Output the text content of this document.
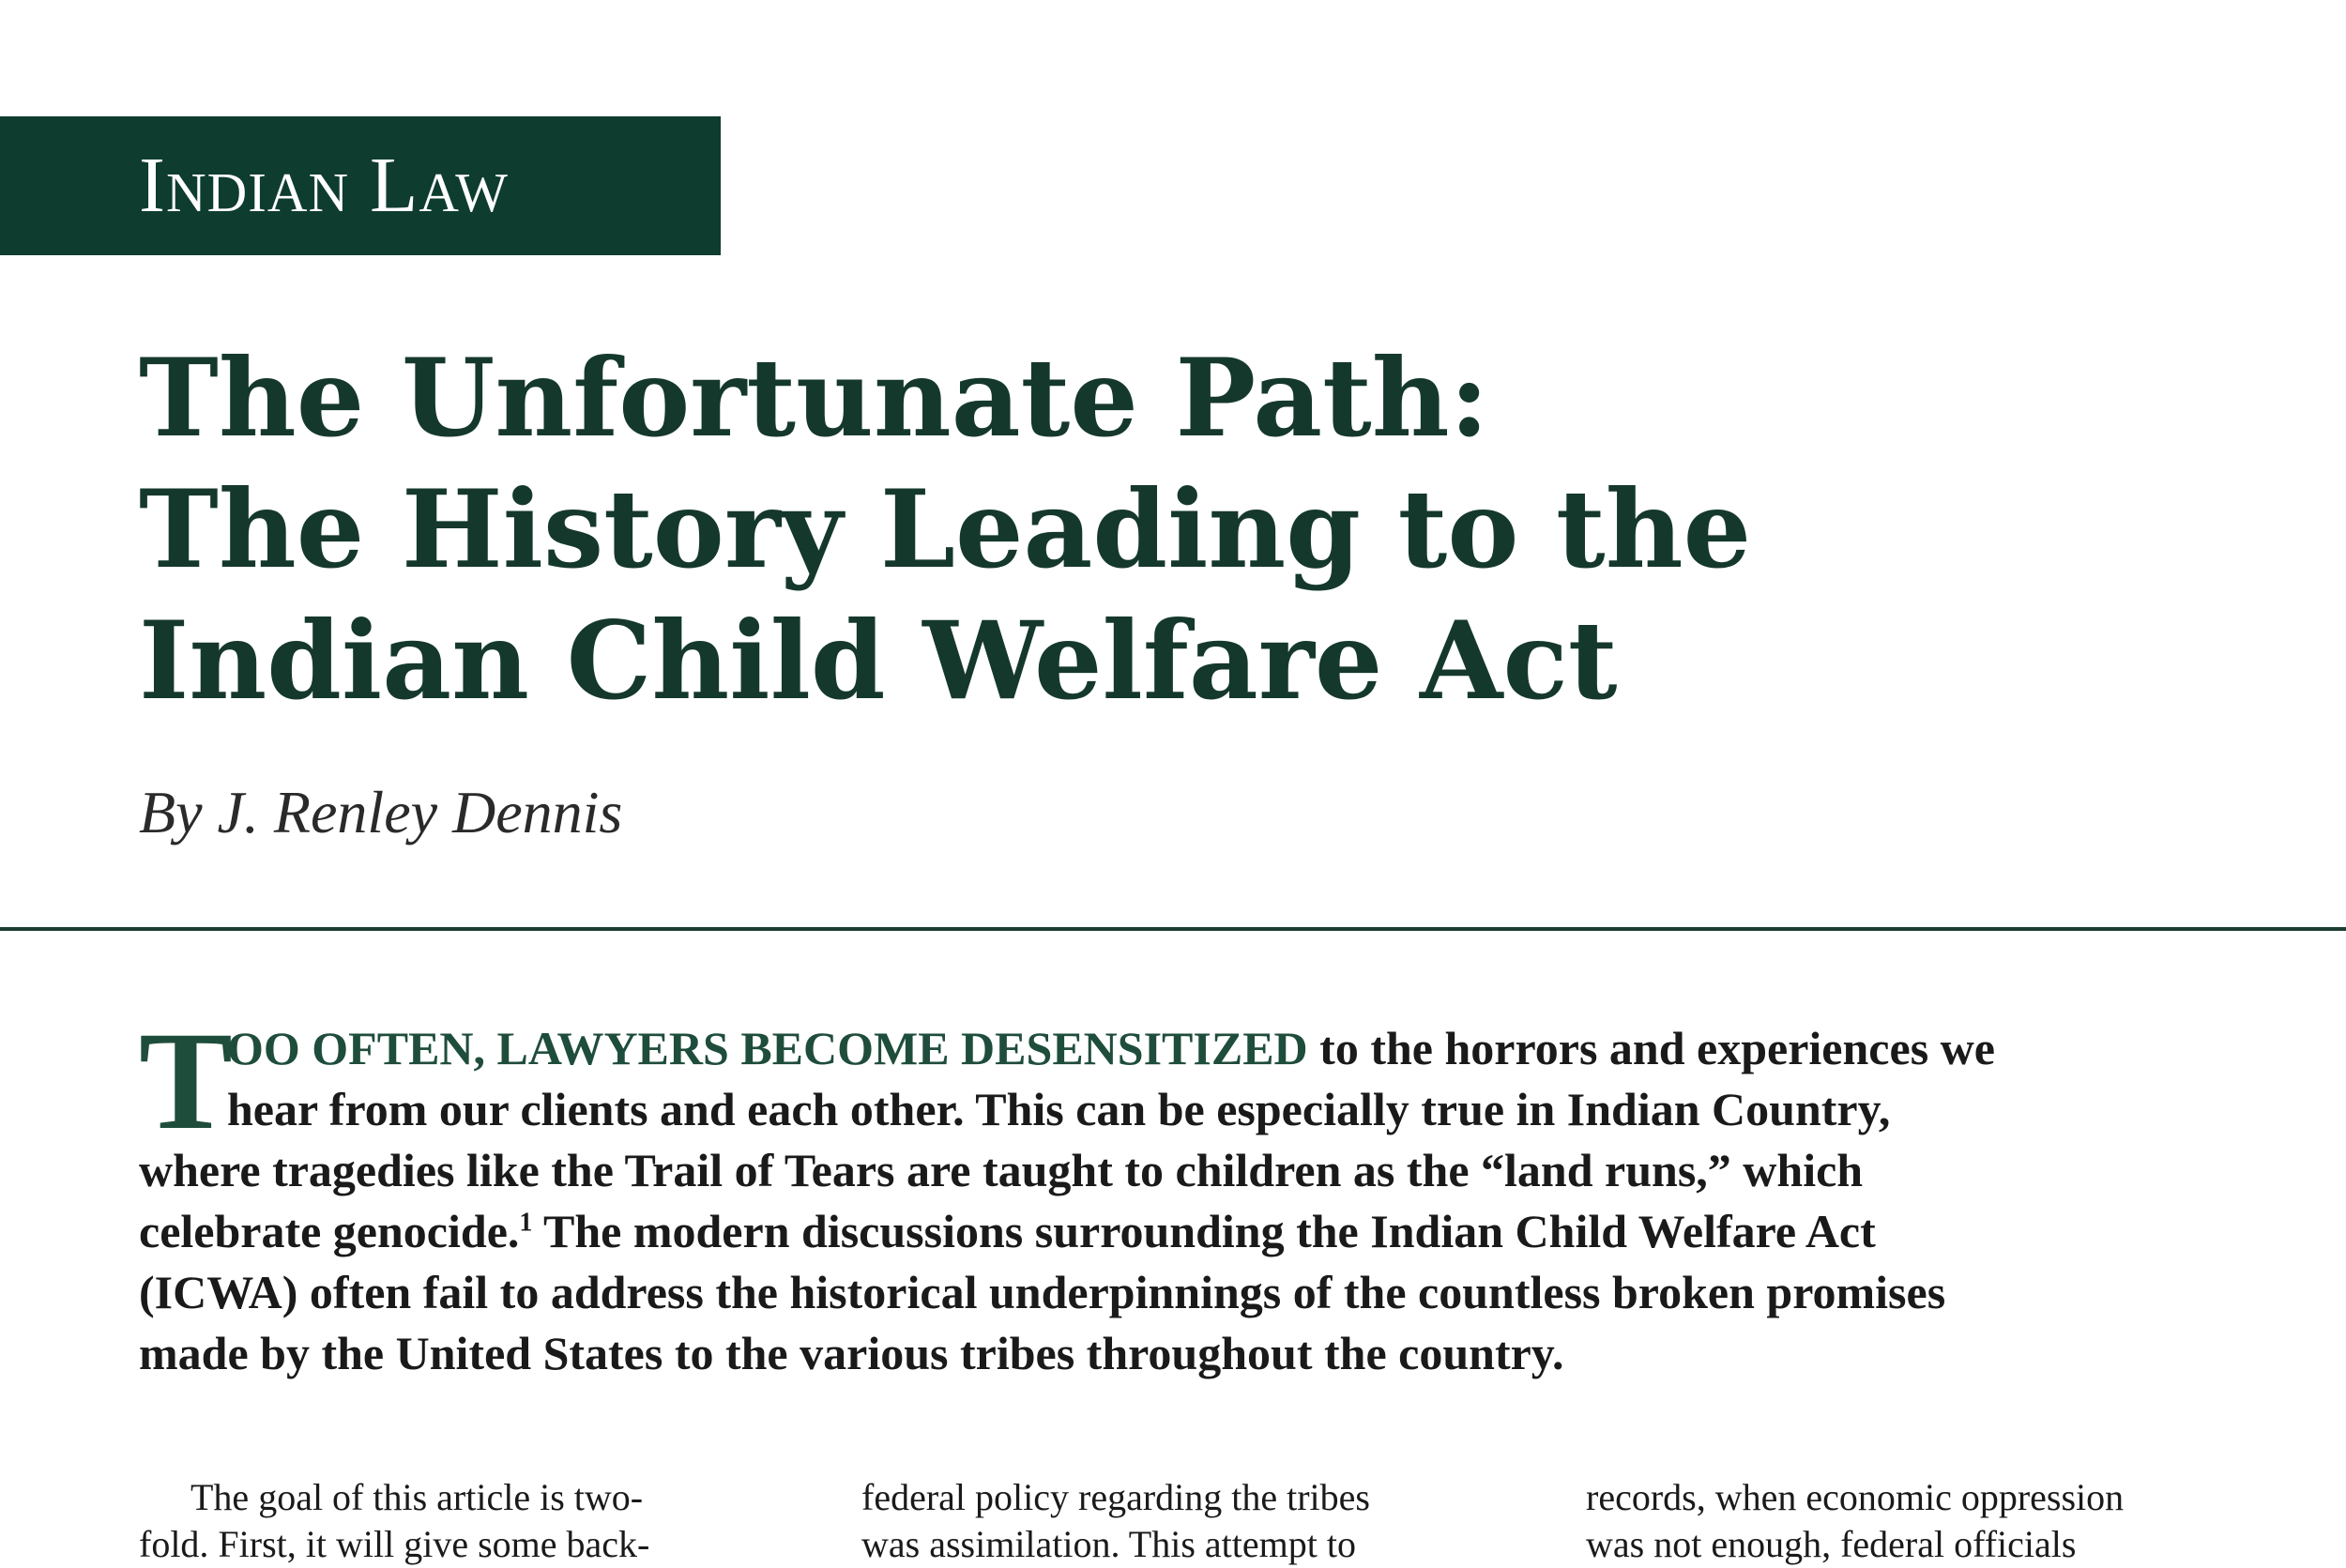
Indian Law
The Unfortunate Path:
The History Leading to the
Indian Child Welfare Act
By J. Renley Dennis
T
OO OFTEN, LAWYERS BECOME DESENSITIZED to the horrors and experiences we
hear from our clients and each other. This can be especially true in Indian Country,
where tragedies like the Trail of Tears are taught to children as the “land runs,” which
celebrate genocide.$^1$ The modern discussions surrounding the Indian Child Welfare Act
(ICWA) often fail to address the historical underpinnings of the countless broken promises
made by the United States to the various tribes throughout the country.
The goal of this article is two-
fold. First, it will give some back-
federal policy regarding the tribes
was assimilation. This attempt to
records, when economic oppression
was not enough, federal officials
